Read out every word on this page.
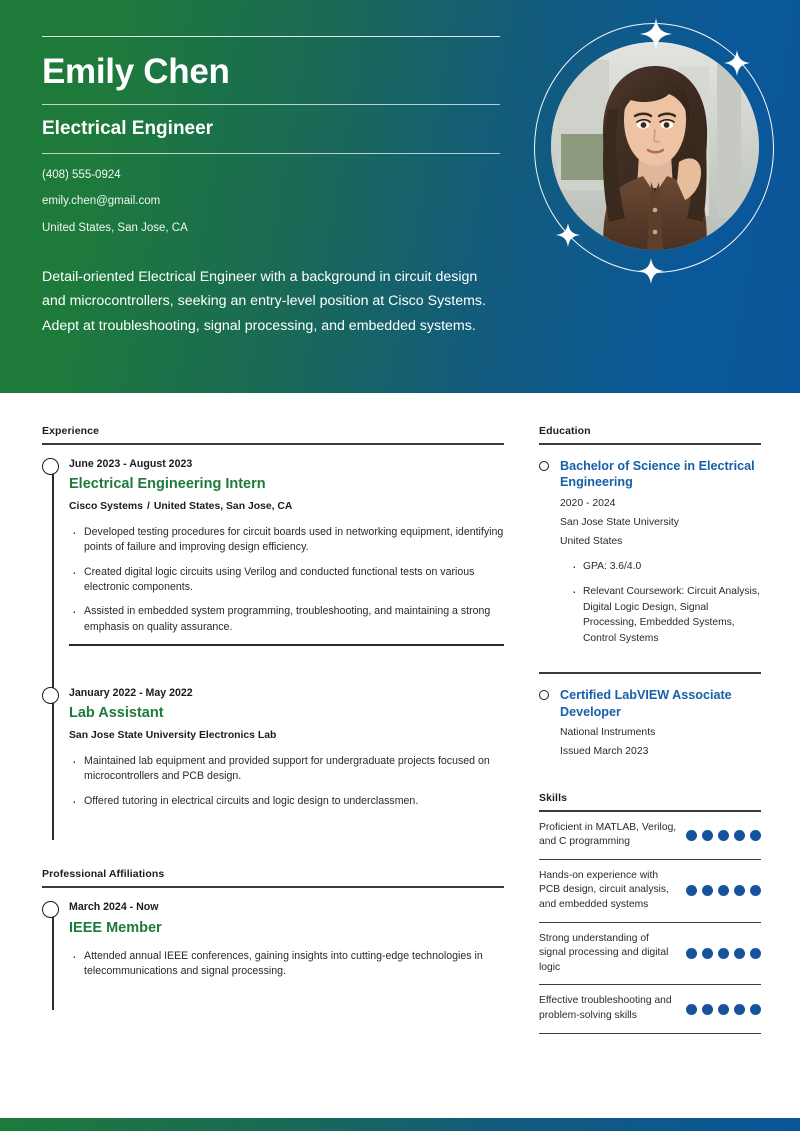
Emily Chen
Electrical Engineer
(408) 555-0924
emily.chen@gmail.com
United States, San Jose, CA
Detail-oriented Electrical Engineer with a background in circuit design and microcontrollers, seeking an entry-level position at Cisco Systems. Adept at troubleshooting, signal processing, and embedded systems.
Experience
June 2023 - August 2023
Electrical Engineering Intern
Cisco Systems / United States, San Jose, CA
· Developed testing procedures for circuit boards used in networking equipment, identifying points of failure and improving design efficiency.
· Created digital logic circuits using Verilog and conducted functional tests on various electronic components.
· Assisted in embedded system programming, troubleshooting, and maintaining a strong emphasis on quality assurance.
January 2022 - May 2022
Lab Assistant
San Jose State University Electronics Lab
· Maintained lab equipment and provided support for undergraduate projects focused on microcontrollers and PCB design.
· Offered tutoring in electrical circuits and logic design to underclassmen.
Professional Affiliations
March 2024 - Now
IEEE Member
· Attended annual IEEE conferences, gaining insights into cutting-edge technologies in telecommunications and signal processing.
Education
Bachelor of Science in Electrical Engineering
2020 - 2024
San Jose State University
United States
· GPA: 3.6/4.0
· Relevant Coursework: Circuit Analysis, Digital Logic Design, Signal Processing, Embedded Systems, Control Systems
Certified LabVIEW Associate Developer
National Instruments
Issued March 2023
Skills
Proficient in MATLAB, Verilog, and C programming
Hands-on experience with PCB design, circuit analysis, and embedded systems
Strong understanding of signal processing and digital logic
Effective troubleshooting and problem-solving skills
